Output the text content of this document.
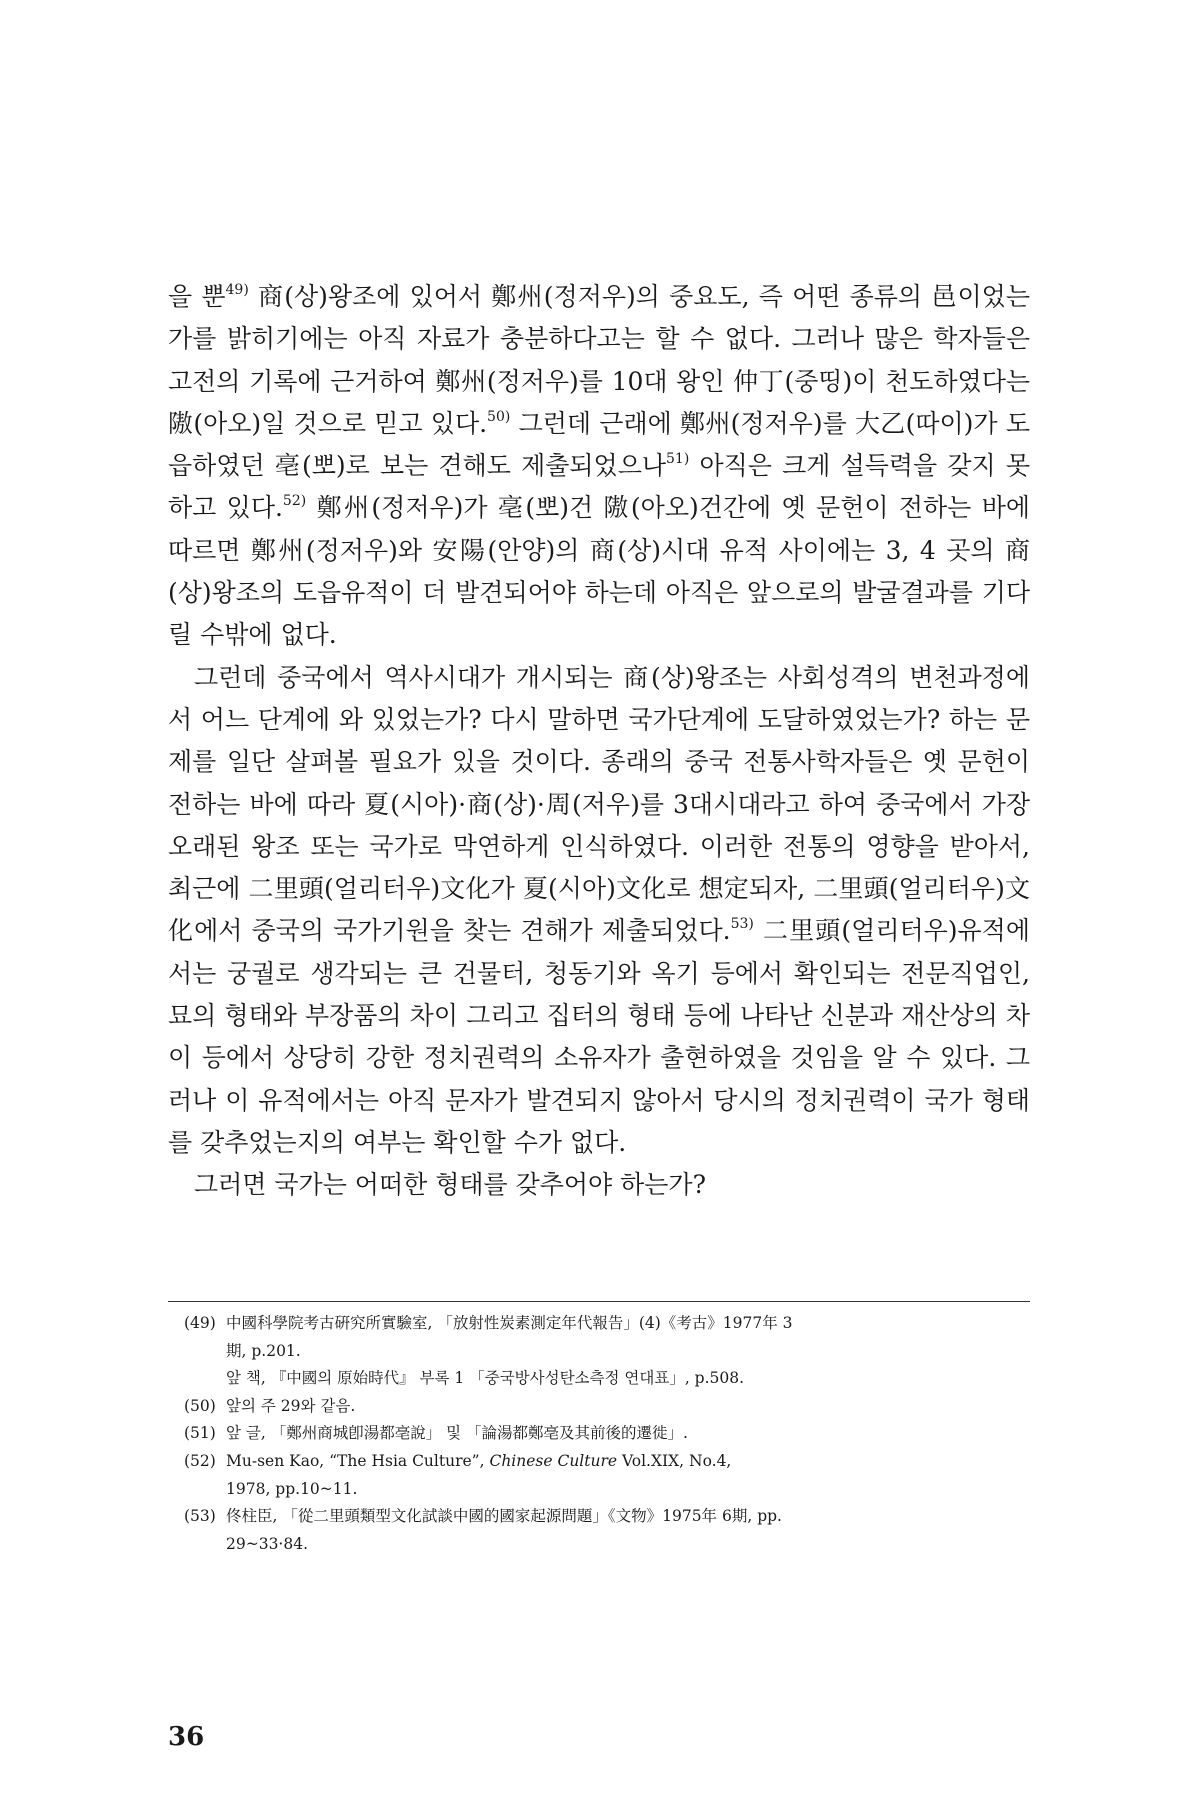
을 뿐$^{49)}$ 商(상)왕조에 있어서 鄭州(정저우)의 중요도, 즉 어떤 종류의 邑이었는가를 밝히기에는 아직 자료가 충분하다고는 할 수 없다. 그러나 많은 학자들은 고전의 기록에 근거하여 鄭州(정저우)를 10대 왕인 仲丁(중띵)이 천도하였다는 隞(아오)일 것으로 믿고 있다.$^{50)}$ 그런데 근래에 鄭州(정저우)를 大乙(따이)가 도읍하였던 亳(뽀)로 보는 견해도 제출되었으나$^{51)}$ 아직은 크게 설득력을 갖지 못하고 있다.$^{52)}$ 鄭州(정저우)가 亳(뽀)건 隞(아오)건간에 옛 문헌이 전하는 바에 따르면 鄭州(정저우)와 安陽(안양)의 商(상)시대 유적 사이에는 3, 4 곳의 商(상)왕조의 도읍유적이 더 발견되어야 하는데 아직은 앞으로의 발굴결과를 기다릴 수밖에 없다.

그런데 중국에서 역사시대가 개시되는 商(상)왕조는 사회성격의 변천과정에서 어느 단계에 와 있었는가? 다시 말하면 국가단계에 도달하였었는가? 하는 문제를 일단 살펴볼 필요가 있을 것이다. 종래의 중국 전통사학자들은 옛 문헌이 전하는 바에 따라 夏(시아)·商(상)·周(저우)를 3대시대라고 하여 중국에서 가장 오래된 왕조 또는 국가로 막연하게 인식하였다. 이러한 전통의 영향을 받아서, 최근에 二里頭(얼리터우)文化가 夏(시아)文化로 想定되자, 二里頭(얼리터우)文化에서 중국의 국가기원을 찾는 견해가 제출되었다.$^{53)}$ 二里頭(얼리터우)유적에서는 궁궐로 생각되는 큰 건물터, 청동기와 옥기 등에서 확인되는 전문직업인, 묘의 형태와 부장품의 차이 그리고 집터의 형태 등에 나타난 신분과 재산상의 차이 등에서 상당히 강한 정치권력의 소유자가 출현하였을 것임을 알 수 있다. 그러나 이 유적에서는 아직 문자가 발견되지 않아서 당시의 정치권력이 국가 형태를 갖추었는지의 여부는 확인할 수가 없다.

그러면 국가는 어떠한 형태를 갖추어야 하는가?

(49) 中國科學院考古硏究所實驗室, 「放射性炭素測定年代報告」(4)《考古》1977年 3
期, p.201.
앞 책, 『中國의 原始時代』 부록 1 「중국방사성탄소측정 연대표」, p.508.
(50) 앞의 주 29와 같음.
(51) 앞 글, 「鄭州商城卽湯都亳說」 및 「論湯都鄭亳及其前後的遷徙」.
(52) Mu-sen Kao, “The Hsia Culture”, Chinese Culture Vol.XIX, No.4,
1978, pp.10~11.
(53) 佟柱臣, 「從二里頭類型文化試談中國的國家起源問題」《文物》1975年 6期, pp.
29~33·84.
36
